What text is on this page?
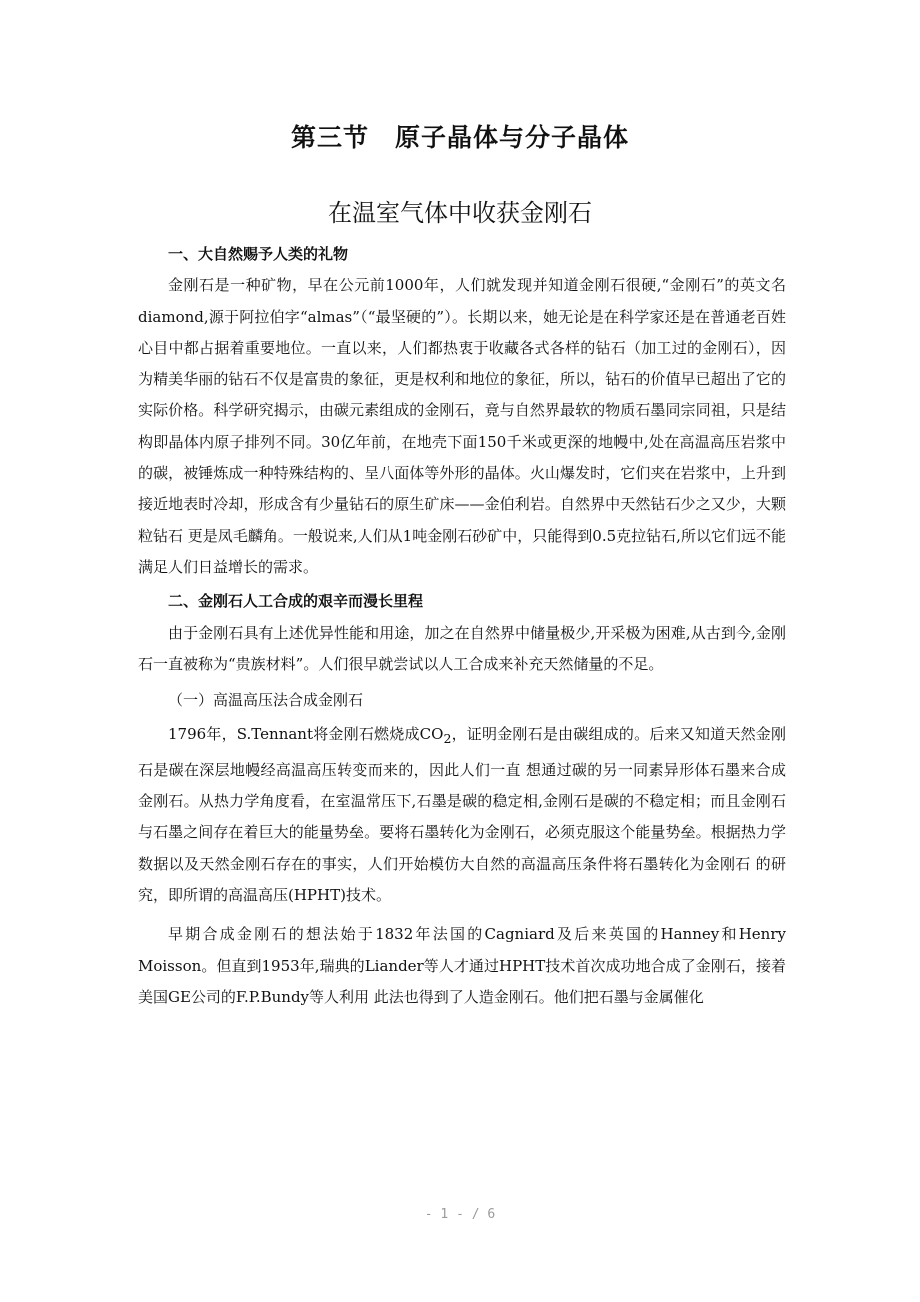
第三节　原子晶体与分子晶体
在温室气体中收获金刚石
一、大自然赐予人类的礼物

金刚石是一种矿物，早在公元前1000年，人们就发现并知道金刚石很硬,“金刚石”的英文名diamond,源于阿拉伯字“almas”（“最坚硬的”）。长期以来，她无论是在科学家还是在普通老百姓心目中都占据着重要地位。一直以来，人们都热衷于收藏各式各样的钻石（加工过的金刚石），因为精美华丽的钻石不仅是富贵的象征，更是权利和地位的象征，所以，钻石的价值早已超出了它的实际价格。科学研究揭示，由碳元素组成的金刚石，竟与自然界最软的物质石墨同宗同祖，只是结构即晶体内原子排列不同。30亿年前，在地壳下面150千米或更深的地幔中,处在高温高压岩浆中的碳，被锤炼成一种特殊结构的、呈八面体等外形的晶体。火山爆发时，它们夹在岩浆中，上升到接近地表时冷却，形成含有少量钻石的原生矿床——金伯利岩。自然界中天然钻石少之又少，大颗粒钻石 更是凤毛麟角。一般说来,人们从1吨金刚石砂矿中，只能得到0.5克拉钻石,所以它们远不能满足人们日益增长的需求。

二、金刚石人工合成的艰辛而漫长里程

由于金刚石具有上述优异性能和用途，加之在自然界中储量极少,开采极为困难,从古到今,金刚石一直被称为“贵族材料”。人们很早就尝试以人工合成来补充天然储量的不足。

（一）高温高压法合成金刚石

1796年，S.Tennant将金刚石燃烧成$CO_2$，证明金刚石是由碳组成的。后来又知道天然金刚石是碳在深层地幔经高温高压转变而来的，因此人们一直 想通过碳的另一同素异形体石墨来合成金刚石。从热力学角度看，在室温常压下,石墨是碳的稳定相,金刚石是碳的不稳定相；而且金刚石与石墨之间存在着巨大的能量势垒。要将石墨转化为金刚石，必须克服这个能量势垒。根据热力学数据以及天然金刚石存在的事实，人们开始模仿大自然的高温高压条件将石墨转化为金刚石 的研究，即所谓的高温高压(HPHT)技术。

早期合成金刚石的想法始于1832年法国的Cagniard及后来英国的Hanney和Henry Moisson。但直到1953年,瑞典的Liander等人才通过HPHT技术首次成功地合成了金刚石，接着美国GE公司的F.P.Bundy等人利用 此法也得到了人造金刚石。他们把石墨与金属催化

- 1 - / 6
